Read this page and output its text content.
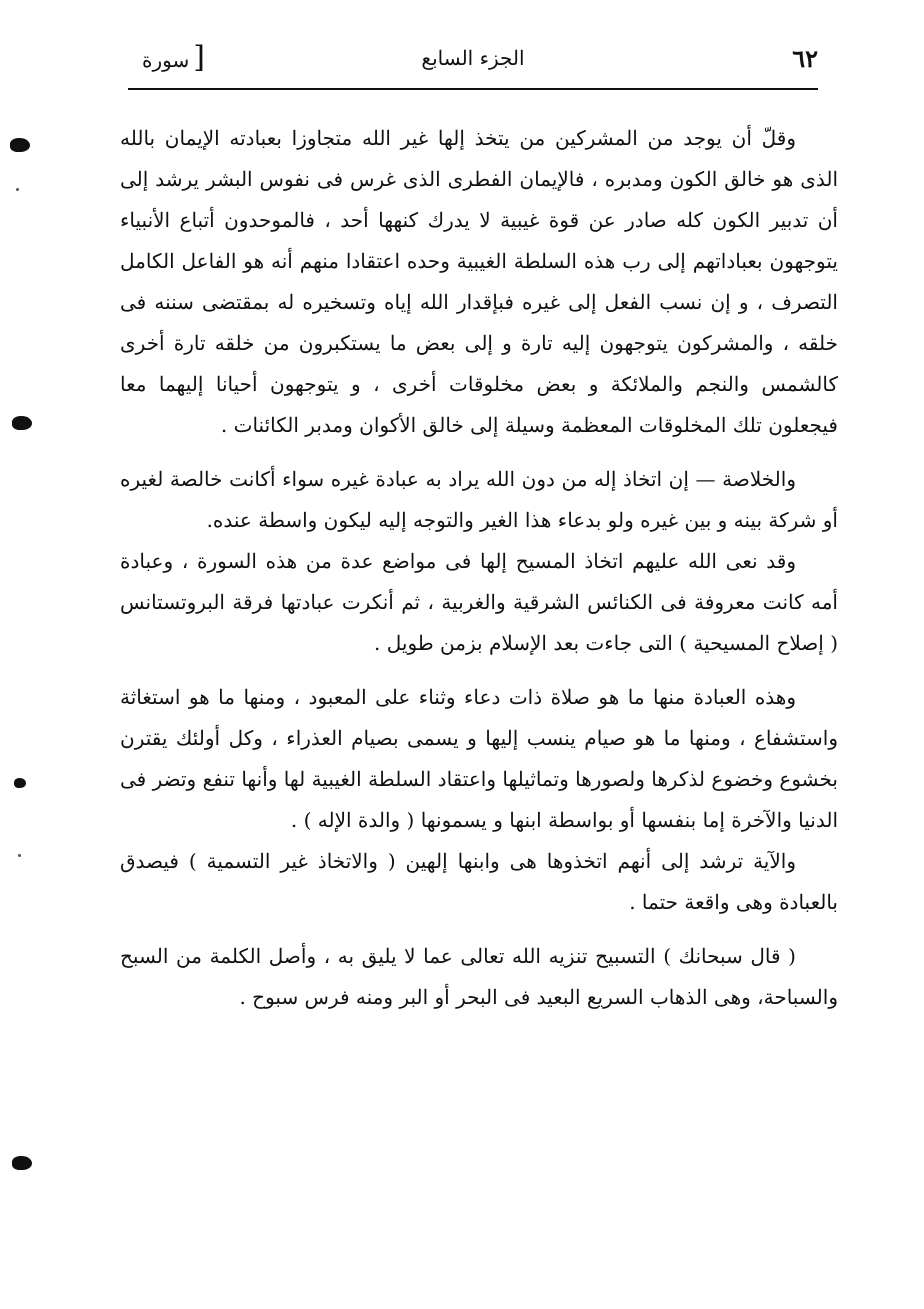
٦٢
الجزء السابع
[سورة

وقلّ أن يوجد من المشركين من يتخذ إلها غير الله متجاوزا بعبادته الإيمان بالله الذى هو خالق الكون ومدبره ، فالإيمان الفطرى الذى غرس فى نفوس البشر يرشد إلى أن تدبير الكون كله صادر عن قوة غيبية لا يدرك كنهها أحد ، فالموحدون أتباع الأنبياء يتوجهون بعباداتهم إلى رب هذه السلطة الغيبية وحده اعتقادا منهم أنه هو الفاعل الكامل التصرف ، و إن نسب الفعل إلى غيره فبإقدار الله إياه وتسخيره له بمقتضى سننه فى خلقه ، والمشركون يتوجهون إليه تارة و إلى بعض ما يستكبرون من خلقه تارة أخرى كالشمس والنجم والملائكة و بعض مخلوقات أخرى ، و يتوجهون أحيانا إليهما معا فيجعلون تلك المخلوقات المعظمة وسيلة إلى خالق الأكوان ومدبر الكائنات .

والخلاصة — إن اتخاذ إله من دون الله يراد به عبادة غيره سواء أكانت خالصة لغيره أو شركة بينه و بين غيره ولو بدعاء هذا الغير والتوجه إليه ليكون واسطة عنده.

وقد نعى الله عليهم اتخاذ المسيح إلها فى مواضع عدة من هذه السورة ، وعبادة أمه كانت معروفة فى الكنائس الشرقية والغربية ، ثم أنكرت عبادتها فرقة البروتستانس ( إصلاح المسيحية ) التى جاءت بعد الإسلام بزمن طويل .

وهذه العبادة منها ما هو صلاة ذات دعاء وثناء على المعبود ، ومنها ما هو استغاثة واستشفاع ، ومنها ما هو صيام ينسب إليها و يسمى بصيام العذراء ، وكل أولئك يقترن بخشوع وخضوع لذكرها ولصورها وتماثيلها واعتقاد السلطة الغيبية لها وأنها تنفع وتضر فى الدنيا والآخرة إما بنفسها أو بواسطة ابنها و يسمونها ( والدة الإله ) .

والآية ترشد إلى أنهم اتخذوها هى وابنها إلهين ( والاتخاذ غير التسمية ) فيصدق بالعبادة وهى واقعة حتما .

( قال سبحانك ) التسبيح تنزيه الله تعالى عما لا يليق به ، وأصل الكلمة من السبح والسباحة، وهى الذهاب السريع البعيد فى البحر أو البر ومنه فرس سبوح .
